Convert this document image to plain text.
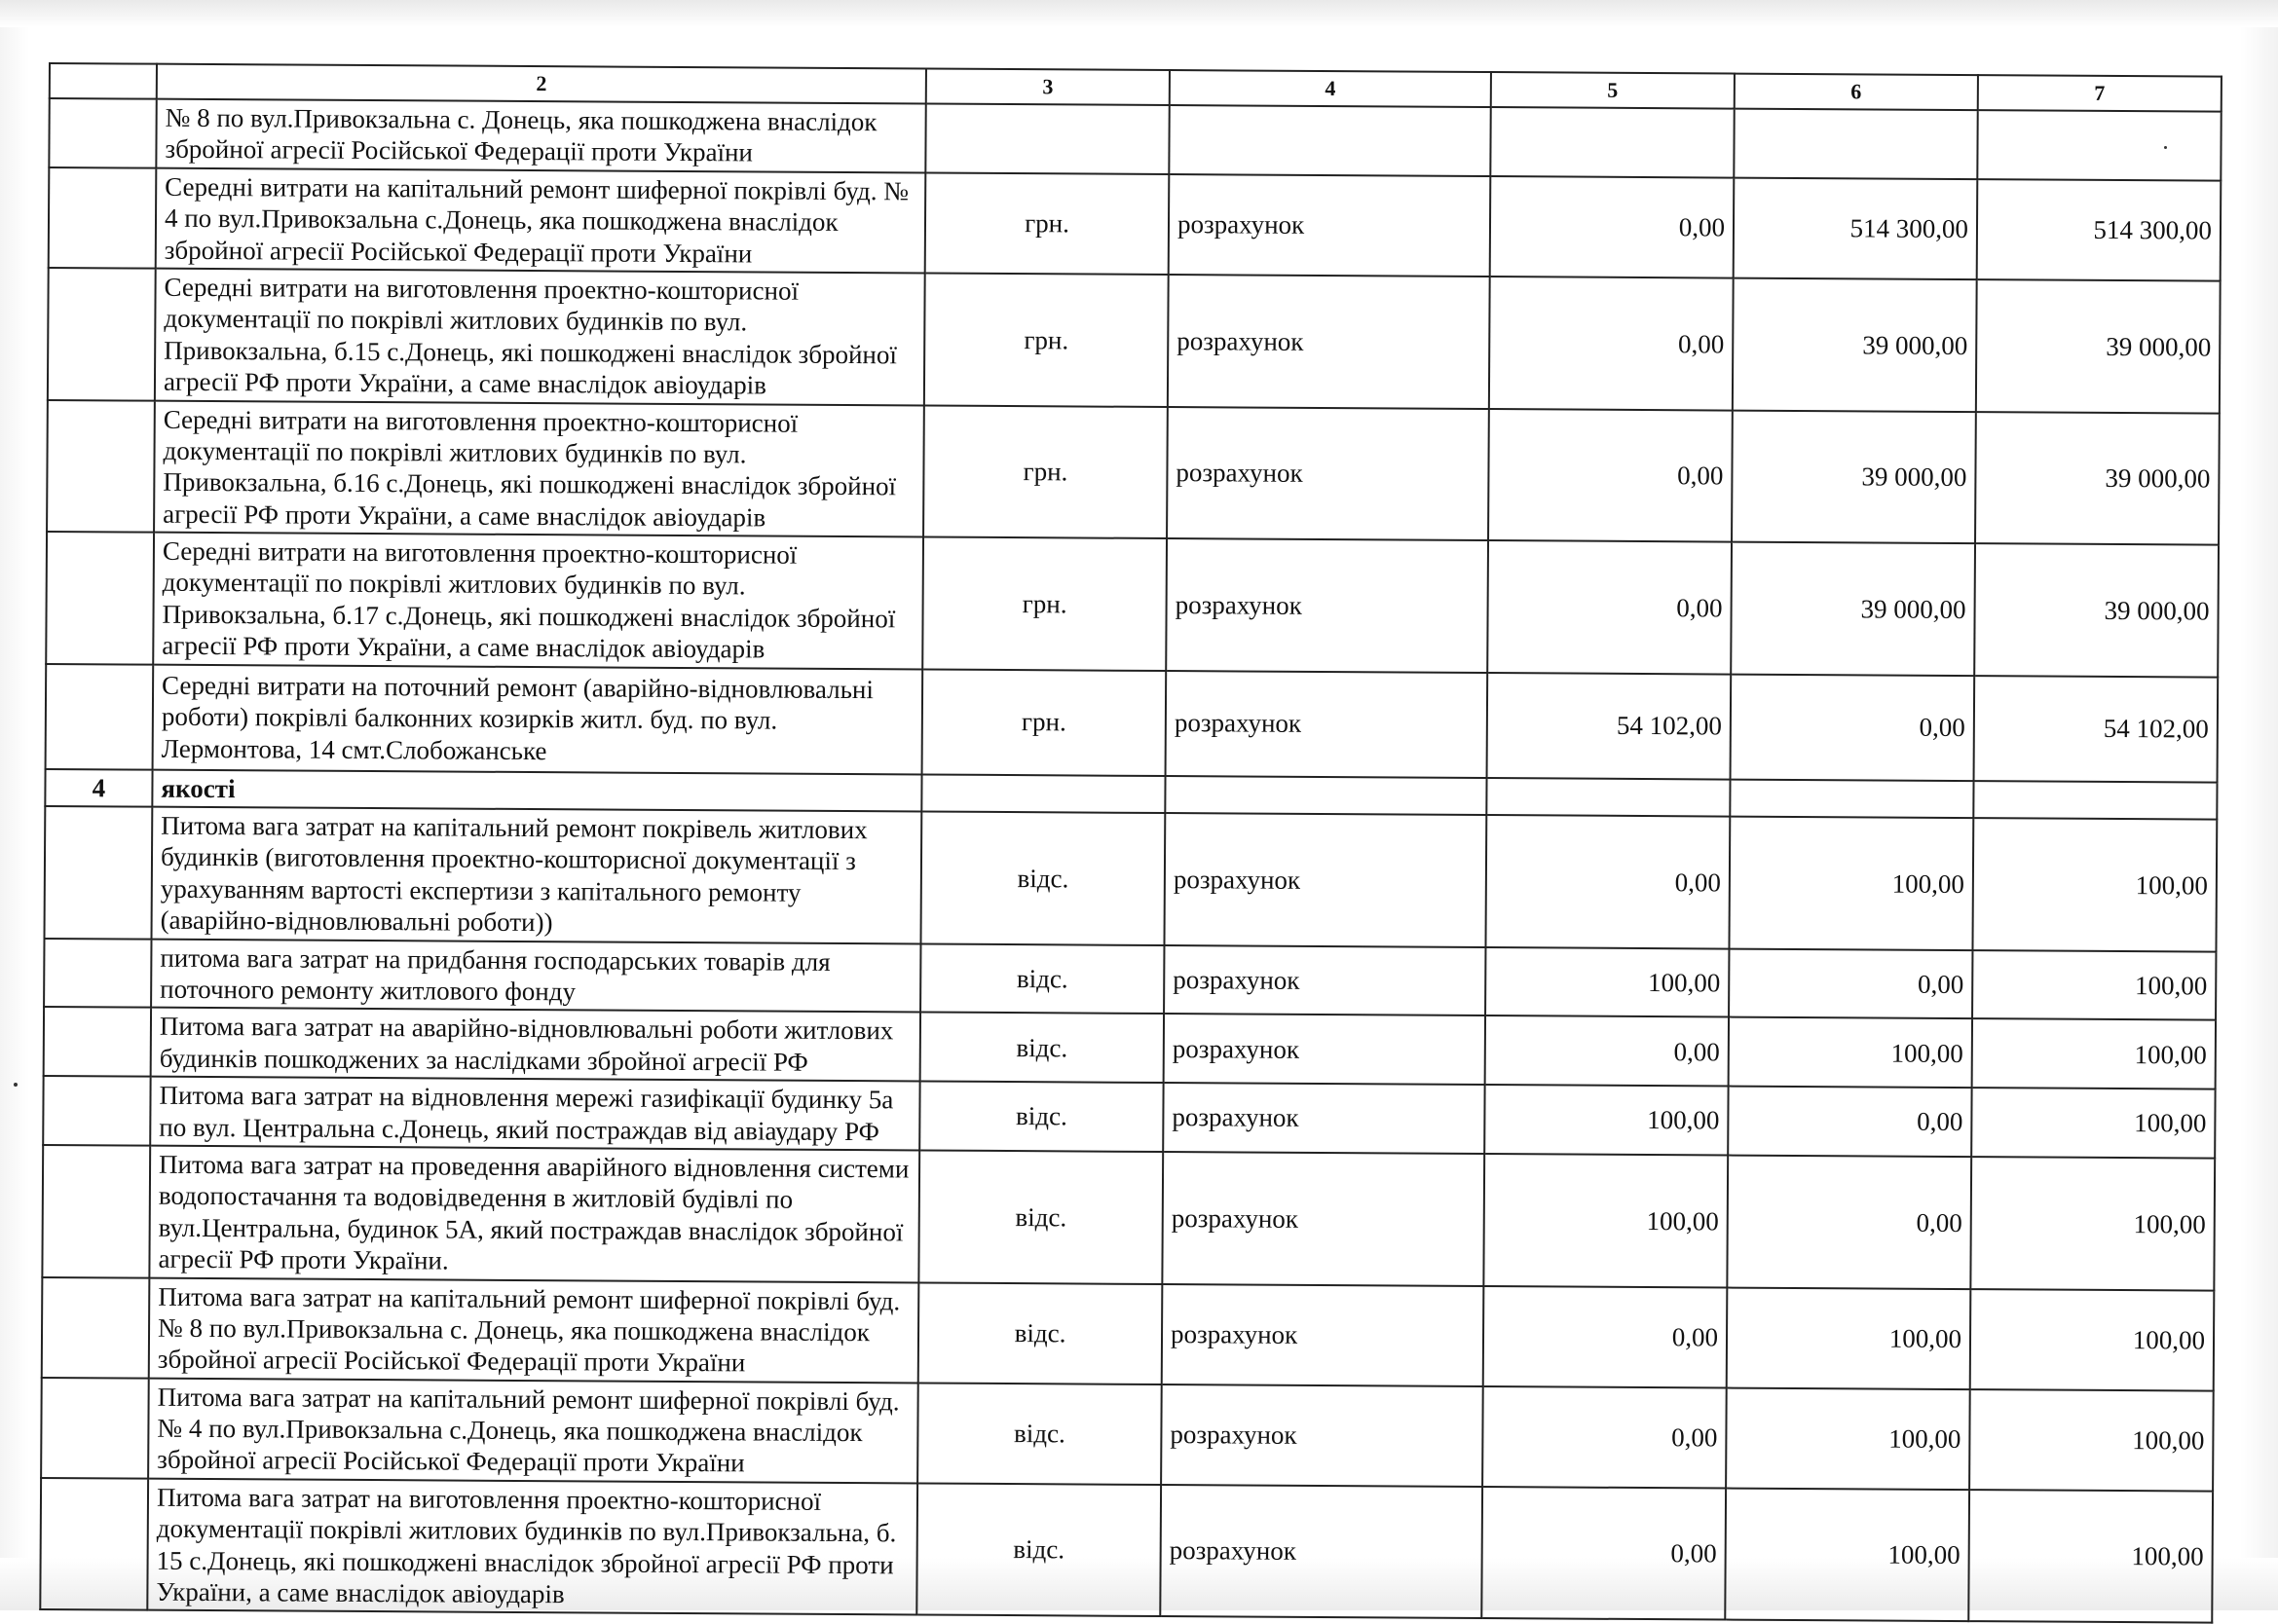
	2	3	4	5	6	7
	№ 8 по вул.Привокзальна с. Донець, яка пошкоджена внаслідок збройної агресії Російської Федерації проти України					
	Середні витрати на капітальний ремонт шиферної покрівлі буд. № 4 по вул.Привокзальна с.Донець, яка пошкоджена внаслідок збройної агресії Російської Федерації проти України	грн.	розрахунок	0,00	514 300,00	514 300,00
	Середні витрати на виготовлення проектно-кошторисної документації по покрівлі житлових будинків по вул. Привокзальна, б.15 с.Донець, які пошкоджені внаслідок збройної агресії РФ проти України, а саме внаслідок авіоударів	грн.	розрахунок	0,00	39 000,00	39 000,00
	Середні витрати на виготовлення проектно-кошторисної документації по покрівлі житлових будинків по вул. Привокзальна, б.16 с.Донець, які пошкоджені внаслідок збройної агресії РФ проти України, а саме внаслідок авіоударів	грн.	розрахунок	0,00	39 000,00	39 000,00
	Середні витрати на виготовлення проектно-кошторисної документації по покрівлі житлових будинків по вул. Привокзальна, б.17 с.Донець, які пошкоджені внаслідок збройної агресії РФ проти України, а саме внаслідок авіоударів	грн.	розрахунок	0,00	39 000,00	39 000,00
	Середні витрати на поточний ремонт (аварійно-відновлювальні роботи) покрівлі балконних козирків житл. буд. по вул. Лермонтова, 14 смт.Слобожанське	грн.	розрахунок	54 102,00	0,00	54 102,00
4	якості					
	Питома вага затрат на капітальний ремонт покрівель житлових будинків (виготовлення проектно-кошторисної документації з урахуванням вартості експертизи з капітального ремонту (аварійно-відновлювальні роботи))	відс.	розрахунок	0,00	100,00	100,00
	питома вага затрат на придбання господарських товарів для поточного ремонту житлового фонду	відс.	розрахунок	100,00	0,00	100,00
	Питома вага затрат на аварійно-відновлювальні роботи житлових будинків пошкоджених за наслідками збройної агресії РФ	відс.	розрахунок	0,00	100,00	100,00
	Питома вага затрат на відновлення мережі газифікації будинку 5а по вул. Центральна с.Донець, який постраждав від авіаудару РФ	відс.	розрахунок	100,00	0,00	100,00
	Питома вага затрат на проведення аварійного відновлення системи водопостачання та водовідведення в житловій будівлі по вул.Центральна, будинок 5А, який постраждав внаслідок збройної агресії РФ проти України.	відс.	розрахунок	100,00	0,00	100,00
	Питома вага затрат на капітальний ремонт шиферної покрівлі буд. № 8 по вул.Привокзальна с. Донець, яка пошкоджена внаслідок збройної агресії Російської Федерації проти України	відс.	розрахунок	0,00	100,00	100,00
	Питома вага затрат на капітальний ремонт шиферної покрівлі буд. № 4 по вул.Привокзальна с.Донець, яка пошкоджена внаслідок збройної агресії Російської Федерації проти України	відс.	розрахунок	0,00	100,00	100,00
	Питома вага затрат на виготовлення проектно-кошторисної документації покрівлі житлових будинків по вул.Привокзальна, б. 15 с.Донець, які пошкоджені внаслідок збройної агресії РФ проти України, а саме внаслідок авіоударів	відс.	розрахунок	0,00	100,00	100,00
